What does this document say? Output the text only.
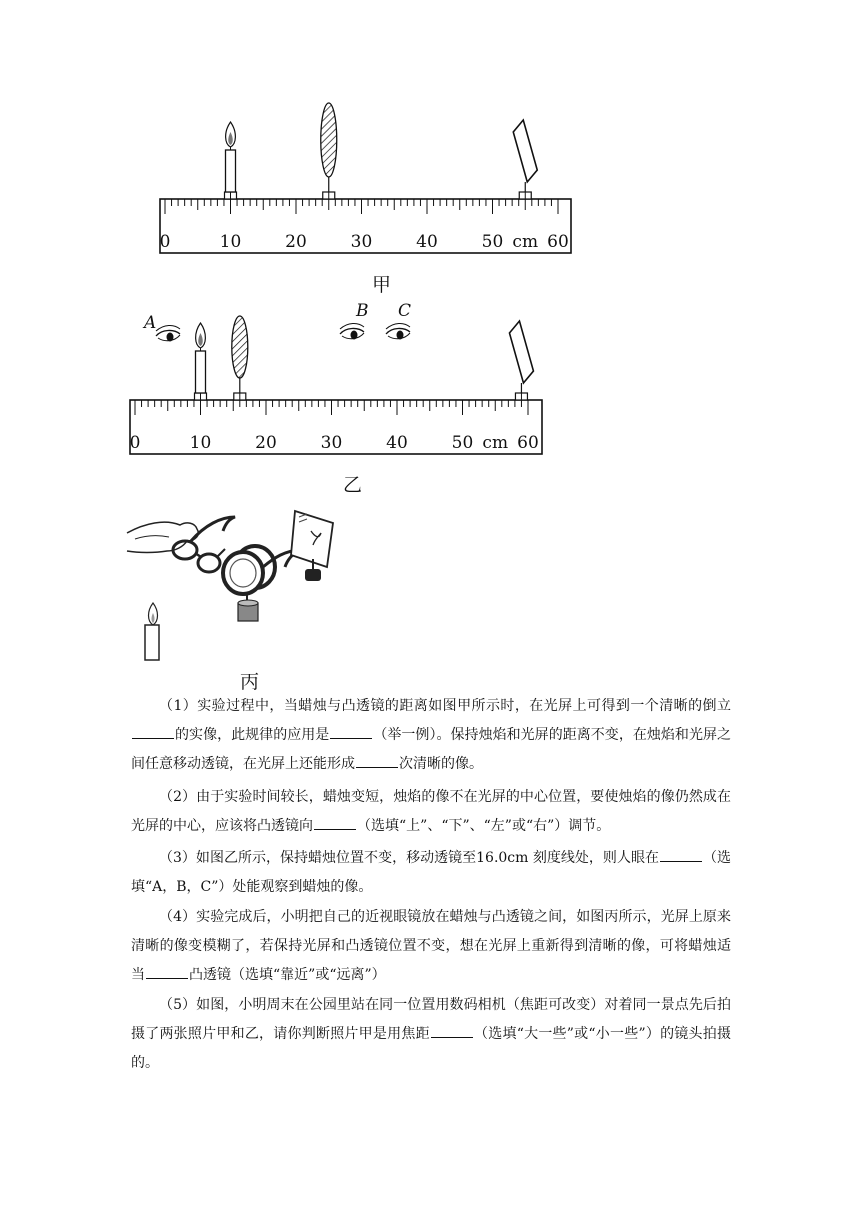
0	10	20	30	40	50 cm 60
甲
0	10	20	30	40	50 cm 60
A
B C
乙
丙
（1）实验过程中，当蜡烛与凸透镜的距离如图甲所示时，在光屏上可得到一个清晰的倒立的实像，此规律的应用是	（举一例）。保持烛焰和光屏的距离不变，在烛焰和光屏之间任意移动透镜，在光屏上还能形成	次清晰的像。
（2）由于实验时间较长，蜡烛变短，烛焰的像不在光屏的中心位置，要使烛焰的像仍然成在光屏的中心，应该将凸透镜向	（选填“上”、“下”、“左”或“右”）调节。
（3）如图乙所示，保持蜡烛位置不变，移动透镜至16.0cm 刻度线处，则人眼在	（选填“A，B，C”）处能观察到蜡烛的像。
（4）实验完成后，小明把自己的近视眼镜放在蜡烛与凸透镜之间，如图丙所示，光屏上原来清晰的像变模糊了，若保持光屏和凸透镜位置不变，想在光屏上重新得到清晰的像，可将蜡烛适当	凸透镜（选填“靠近”或“远离”）
（5）如图，小明周末在公园里站在同一位置用数码相机（焦距可改变）对着同一景点先后拍摄了两张照片甲和乙，请你判断照片甲是用焦距	（选填“大一些”或“小一些”）的镜头拍摄的。
